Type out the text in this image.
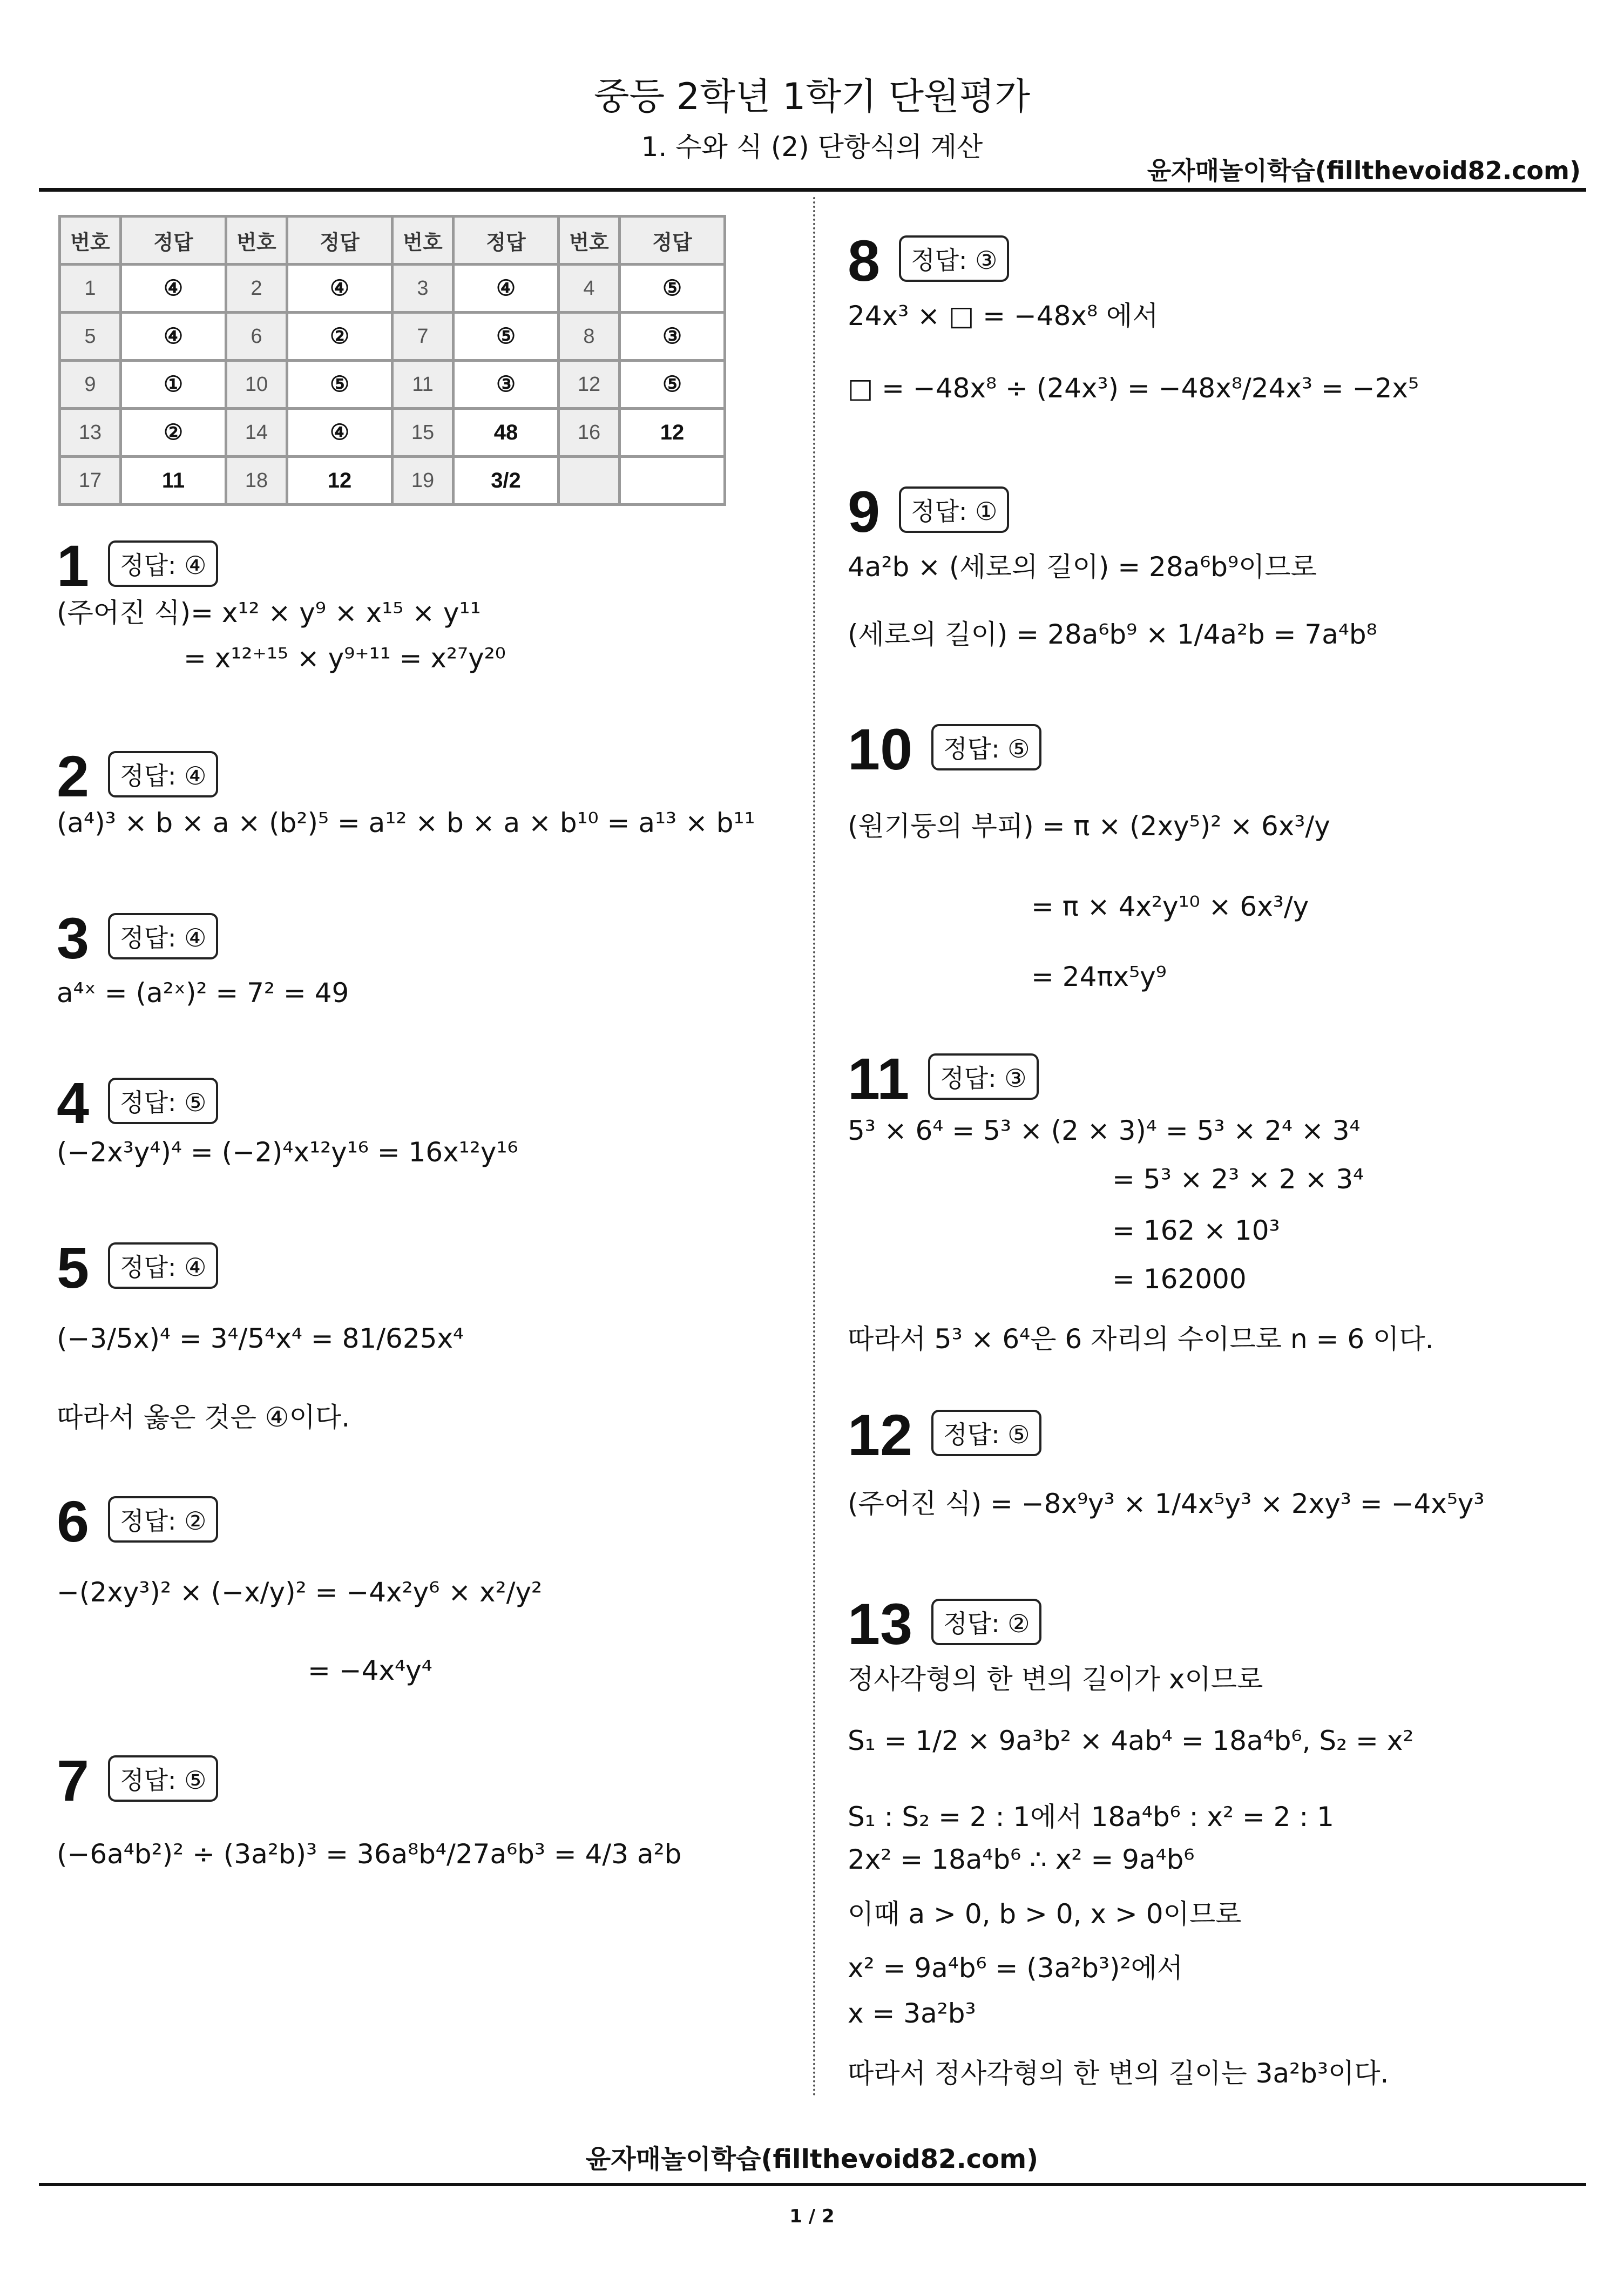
중등 2학년 1학기 단원평가
1. 수와 식 (2) 단항식의 계산
윤자매놀이학습(fillthevoid82.com)
번호	정답	번호	정답	번호	정답	번호	정답
1	④	2	④	3	④	4	⑤
5	④	6	②	7	⑤	8	③
9	①	10	⑤	11	③	12	⑤
13	②	14	④	15	48	16	12
17	11	18	12	19	3/2		
1 정답: ④
(주어진 식)= x¹² × y⁹ × x¹⁵ × y¹¹
= x¹²⁺¹⁵ × y⁹⁺¹¹ = x²⁷y²⁰
2 정답: ④
(a⁴)³ × b × a × (b²)⁵ = a¹² × b × a × b¹⁰ = a¹³ × b¹¹
3 정답: ④
a⁴ˣ = (a²ˣ)² = 7² = 49
4 정답: ⑤
(−2x³y⁴)⁴ = (−2)⁴x¹²y¹⁶ = 16x¹²y¹⁶
5 정답: ④
(−3/5x)⁴ = 3⁴/5⁴x⁴ = 81/625x⁴
따라서 옳은 것은 ④이다.
6 정답: ②
−(2xy³)² × (−x/y)² = −4x²y⁶ × x²/y²
= −4x⁴y⁴
7 정답: ⑤
(−6a⁴b²)² ÷ (3a²b)³ = 36a⁸b⁴/27a⁶b³ = 4/3 a²b
8 정답: ③
24x³ × □ = −48x⁸ 에서
□ = −48x⁸ ÷ (24x³) = −48x⁸/24x³ = −2x⁵
9 정답: ①
4a²b × (세로의 길이) = 28a⁶b⁹이므로
(세로의 길이) = 28a⁶b⁹ × 1/4a²b = 7a⁴b⁸
10 정답: ⑤
(원기둥의 부피) = π × (2xy⁵)² × 6x³/y
= π × 4x²y¹⁰ × 6x³/y
= 24πx⁵y⁹
11 정답: ③
5³ × 6⁴ = 5³ × (2 × 3)⁴ = 5³ × 2⁴ × 3⁴
= 5³ × 2³ × 2 × 3⁴
= 162 × 10³
= 162000
따라서 5³ × 6⁴은 6 자리의 수이므로 n = 6 이다.
12 정답: ⑤
(주어진 식) = −8x⁹y³ × 1/4x⁵y³ × 2xy³ = −4x⁵y³
13 정답: ②
정사각형의 한 변의 길이가 x이므로
S₁ = 1/2 × 9a³b² × 4ab⁴ = 18a⁴b⁶, S₂ = x²
S₁ : S₂ = 2 : 1에서 18a⁴b⁶ : x² = 2 : 1
2x² = 18a⁴b⁶ ∴ x² = 9a⁴b⁶
이때 a > 0, b > 0, x > 0이므로
x² = 9a⁴b⁶ = (3a²b³)²에서
x = 3a²b³
따라서 정사각형의 한 변의 길이는 3a²b³이다.
윤자매놀이학습(fillthevoid82.com)
1 / 2
